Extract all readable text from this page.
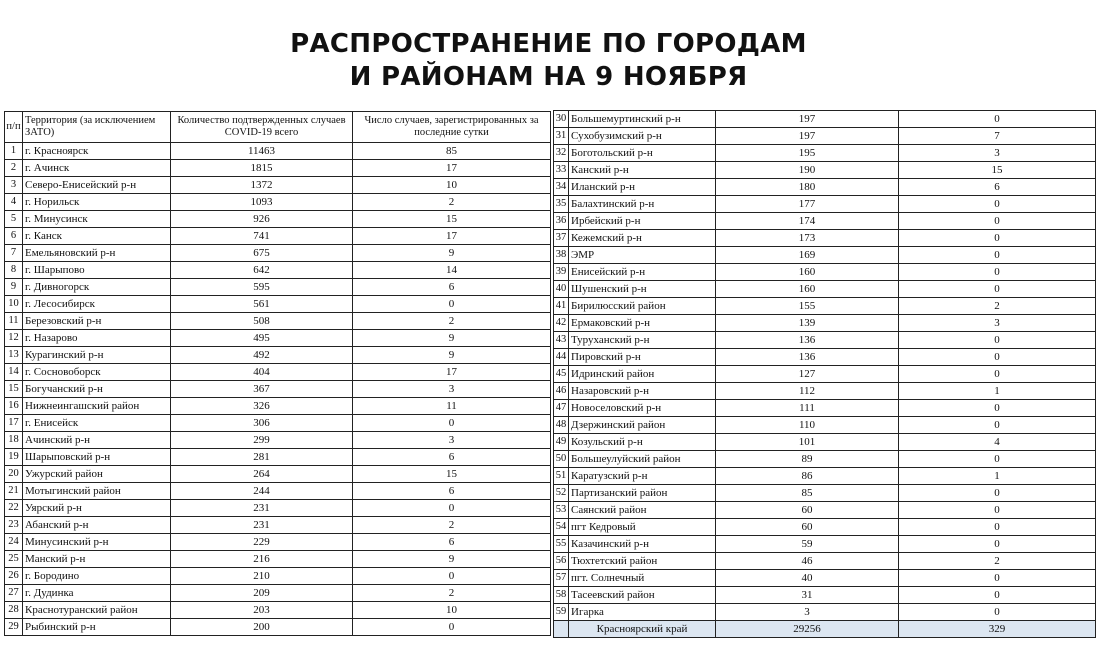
РАСПРОСТРАНЕНИЕ ПО ГОРОДАМ
И РАЙОНАМ НА 9 НОЯБРЯ
п/п	Территория (за исключением ЗАТО)	Количество подтвержденных случаев COVID-19 всего	Число случаев, зарегистрированных за последние сутки
1	г. Красноярск	11463	85
2	г. Ачинск	1815	17
3	Северо-Енисейский р-н	1372	10
4	г. Норильск	1093	2
5	г. Минусинск	926	15
6	г. Канск	741	17
7	Емельяновский р-н	675	9
8	г. Шарыпово	642	14
9	г. Дивногорск	595	6
10	г. Лесосибирск	561	0
11	Березовский р-н	508	2
12	г. Назарово	495	9
13	Курагинский р-н	492	9
14	г. Сосновоборск	404	17
15	Богучанский р-н	367	3
16	Нижнеингашский район	326	11
17	г. Енисейск	306	0
18	Ачинский р-н	299	3
19	Шарыповский р-н	281	6
20	Ужурский район	264	15
21	Мотыгинский район	244	6
22	Уярский р-н	231	0
23	Абанский р-н	231	2
24	Минусинский р-н	229	6
25	Манский р-н	216	9
26	г. Бородино	210	0
27	г. Дудинка	209	2
28	Краснотуранский район	203	10
29	Рыбинский р-н	200	0
30	Большемуртинский р-н	197	0
31	Сухобузимский р-н	197	7
32	Боготольский р-н	195	3
33	Канский р-н	190	15
34	Иланский р-н	180	6
35	Балахтинский р-н	177	0
36	Ирбейский р-н	174	0
37	Кежемский р-н	173	0
38	ЭМР	169	0
39	Енисейский р-н	160	0
40	Шушенский р-н	160	0
41	Бирилюсский район	155	2
42	Ермаковский р-н	139	3
43	Туруханский р-н	136	0
44	Пировский р-н	136	0
45	Идринский район	127	0
46	Назаровский р-н	112	1
47	Новоселовский р-н	111	0
48	Дзержинский район	110	0
49	Козульский р-н	101	4
50	Большеулуйский район	89	0
51	Каратузский р-н	86	1
52	Партизанский район	85	0
53	Саянский район	60	0
54	пгт Кедровый	60	0
55	Казачинский р-н	59	0
56	Тюхтетский район	46	2
57	пгт. Солнечный	40	0
58	Тасеевский район	31	0
59	Игарка	3	0
	Красноярский край	29256	329
